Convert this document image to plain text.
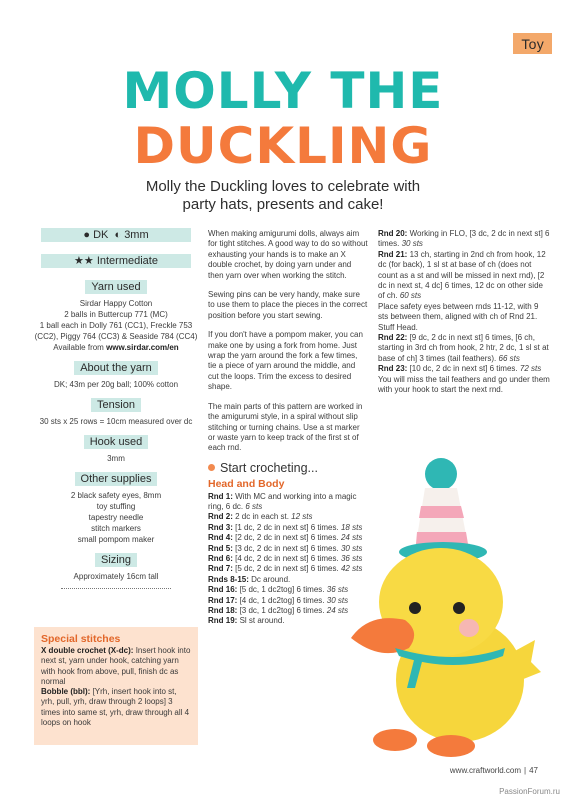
Toy
MOLLY THE
DUCKLING
Molly the Duckling loves to celebrate with
party hats, presents and cake!
● DK  ◐ 3mm
★★ Intermediate
Yarn used
Sirdar Happy Cotton
2 balls in Buttercup 771 (MC)
1 ball each in Dolly 761 (CC1), Freckle 753
(CC2), Piggy 764 (CC3) & Seaside 784 (CC4)
Available from www.sirdar.com/en
About the yarn
DK; 43m per 20g ball; 100% cotton
Tension
30 sts x 25 rows = 10cm measured over dc
Hook used
3mm
Other supplies
2 black safety eyes, 8mm
toy stuffing
tapestry needle
stitch markers
small pompom maker
Sizing
Approximately 16cm tall
Special stitches
X double crochet (X-dc): Insert hook into next st, yarn under hook, catching yarn with hook from above, pull, finish dc as normal
Bobble (bbl): [Yrh, insert hook into st, yrh, pull, yrh, draw through 2 loops] 3 times into same st, yrh, draw through all 4 loops on hook

When making amigurumi dolls, always aim for tight stitches. A good way to do so without exhausting your hands is to make an X double crochet, by doing yarn under and then yarn over when working the stitch.

Sewing pins can be very handy, make sure to use them to place the pieces in the correct position before you start sewing.

If you don't have a pompom maker, you can make one by using a fork from home. Just wrap the yarn around the fork a few times, tie a piece of yarn around the middle, and cut the loops. Trim the excess to desired shape.

The main parts of this pattern are worked in the amigurumi style, in a spiral without slip stitching or turning chains. Use a st marker or waste yarn to keep track of the first st of each rnd.

Start crocheting...
Head and Body
Rnd 1: With MC and working into a magic ring, 6 dc. 6 sts
Rnd 2: 2 dc in each st. 12 sts
Rnd 3: [1 dc, 2 dc in next st] 6 times. 18 sts
Rnd 4: [2 dc, 2 dc in next st] 6 times. 24 sts
Rnd 5: [3 dc, 2 dc in next st] 6 times. 30 sts
Rnd 6: [4 dc, 2 dc in next st] 6 times. 36 sts
Rnd 7: [5 dc, 2 dc in next st] 6 times. 42 sts
Rnds 8-15: Dc around.
Rnd 16: [5 dc, 1 dc2tog] 6 times. 36 sts
Rnd 17: [4 dc, 1 dc2tog] 6 times. 30 sts
Rnd 18: [3 dc, 1 dc2tog] 6 times. 24 sts
Rnd 19: Sl st around.
Rnd 20: Working in FLO, [3 dc, 2 dc in next st] 6 times. 30 sts
Rnd 21: 13 ch, starting in 2nd ch from hook, 12 dc (for back), 1 sl st at base of ch (does not count as a st and will be missed in next rnd), [2 dc in next st, 4 dc] 6 times, 12 dc on other side of ch. 60 sts
Place safety eyes between rnds 11-12, with 9 sts between them, aligned with ch of Rnd 21.
Stuff Head.
Rnd 22: [9 dc, 2 dc in next st] 6 times, [6 ch, starting in 3rd ch from hook, 2 htr, 2 dc, 1 sl st at base of ch] 3 times (tail feathers). 66 sts
Rnd 23: [10 dc, 2 dc in next st] 6 times. 72 sts
You will miss the tail feathers and go under them with your hook to start the next rnd.
www.craftworld.com | 47
PassionForum.ru
